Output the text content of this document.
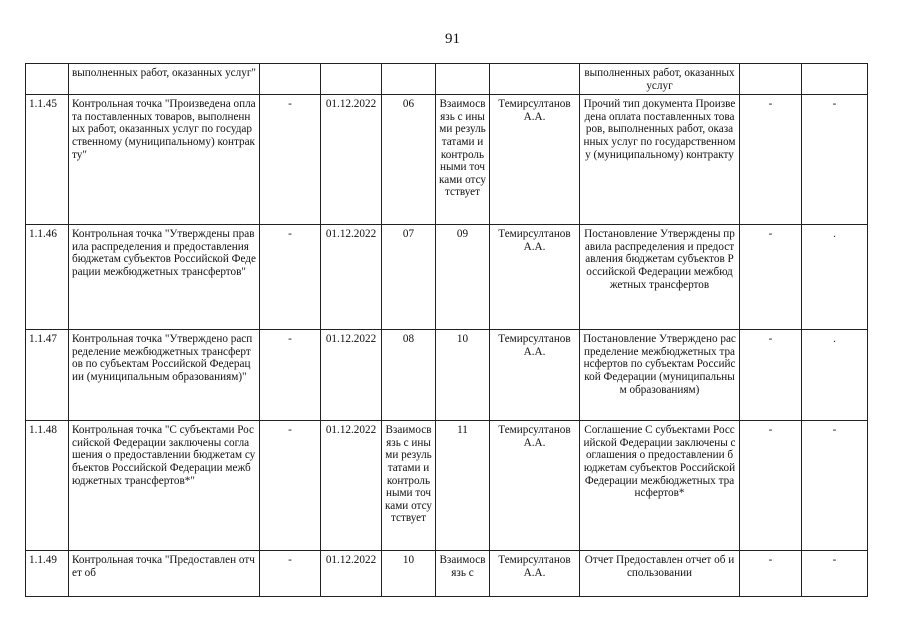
91
	выполненных работ, оказанных услуг"						выполненных работ, оказанных услуг		
1.1.45	Контрольная точка "Произведена оплата поставленных товаров, выполненных работ, оказанных услуг по государственному (муниципальному) контракту"	-	01.12.2022	06	Взаимосвязь с иными результатами и контрольными точками отсутствует	Темирсултанов А.А.	Прочий тип документа Произведена оплата поставленных товаров, выполненных работ, оказанных услуг по государственному (муниципальному) контракту	-	-
1.1.46	Контрольная точка "Утверждены правила распределения и предоставления бюджетам субъектов Российской Федерации межбюджетных трансфертов"	-	01.12.2022	07	09	Темирсултанов А.А.	Постановление Утверждены правила распределения и предоставления бюджетам субъектов Российской Федерации межбюджетных трансфертов	-	.
1.1.47	Контрольная точка "Утверждено распределение межбюджетных трансфертов по субъектам Российской Федерации (муниципальным образованиям)"	-	01.12.2022	08	10	Темирсултанов А.А.	Постановление Утверждено распределение межбюджетных трансфертов по субъектам Российской Федерации (муниципальным образованиям)	-	.
1.1.48	Контрольная точка "С субъектами Российской Федерации заключены соглашения о предоставлении бюджетам субъектов Российской Федерации межбюджетных трансфертов*"	-	01.12.2022	Взаимосвязь с иными результатами и контрольными точками отсутствует	11	Темирсултанов А.А.	Соглашение С субъектами Российской Федерации заключены соглашения о предоставлении бюджетам субъектов Российской Федерации межбюджетных трансфертов*	-	-
1.1.49	Контрольная точка "Предоставлен отчет об	-	01.12.2022	10	Взаимосвязь с	Темирсултанов А.А.	Отчет Предоставлен отчет об использовании	-	-
